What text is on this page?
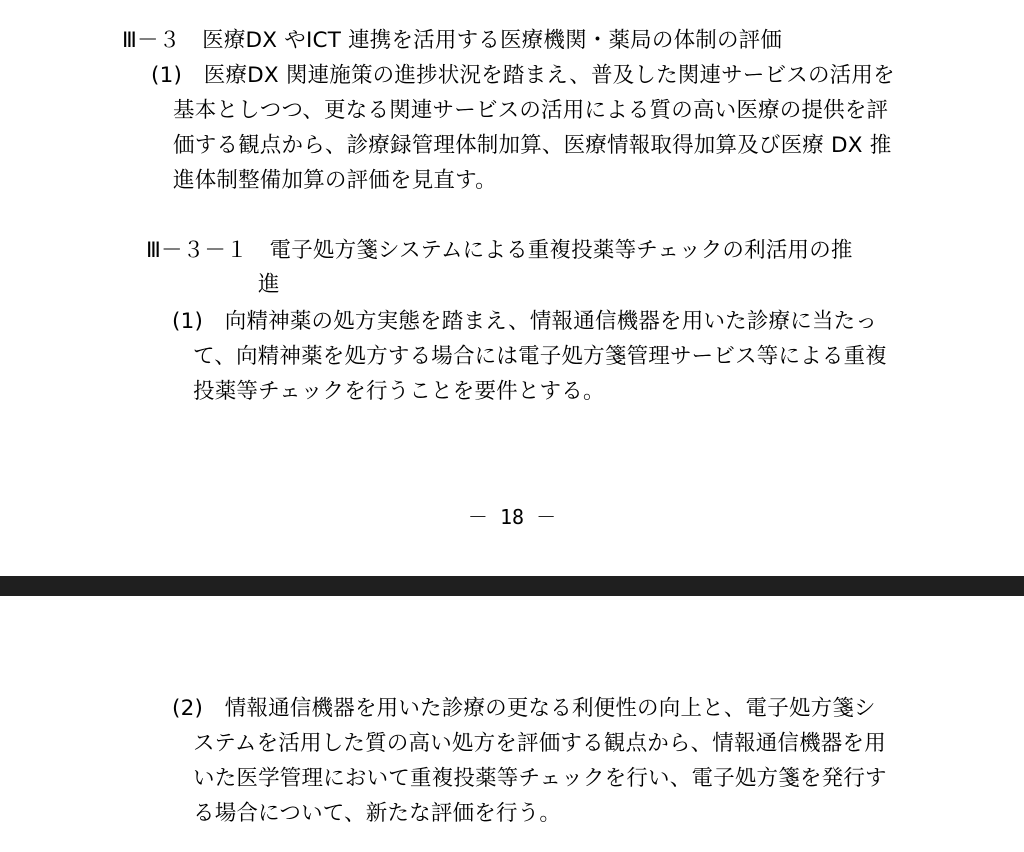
Ⅲ－３　医療DX やICT 連携を活用する医療機関・薬局の体制の評価
(1)　医療DX 関連施策の進捗状況を踏まえ、普及した関連サービスの活用を
基本としつつ、更なる関連サービスの活用による質の高い医療の提供を評
価する観点から、診療録管理体制加算、医療情報取得加算及び医療 DX 推
進体制整備加算の評価を見直す。
Ⅲ－３－１　電子処方箋システムによる重複投薬等チェックの利活用の推
進
(1)　向精神薬の処方実態を踏まえ、情報通信機器を用いた診療に当たっ
て、向精神薬を処方する場合には電子処方箋管理サービス等による重複
投薬等チェックを行うことを要件とする。
－ 18 －
(2)　情報通信機器を用いた診療の更なる利便性の向上と、電子処方箋シ
ステムを活用した質の高い処方を評価する観点から、情報通信機器を用
いた医学管理において重複投薬等チェックを行い、電子処方箋を発行す
る場合について、新たな評価を行う。
